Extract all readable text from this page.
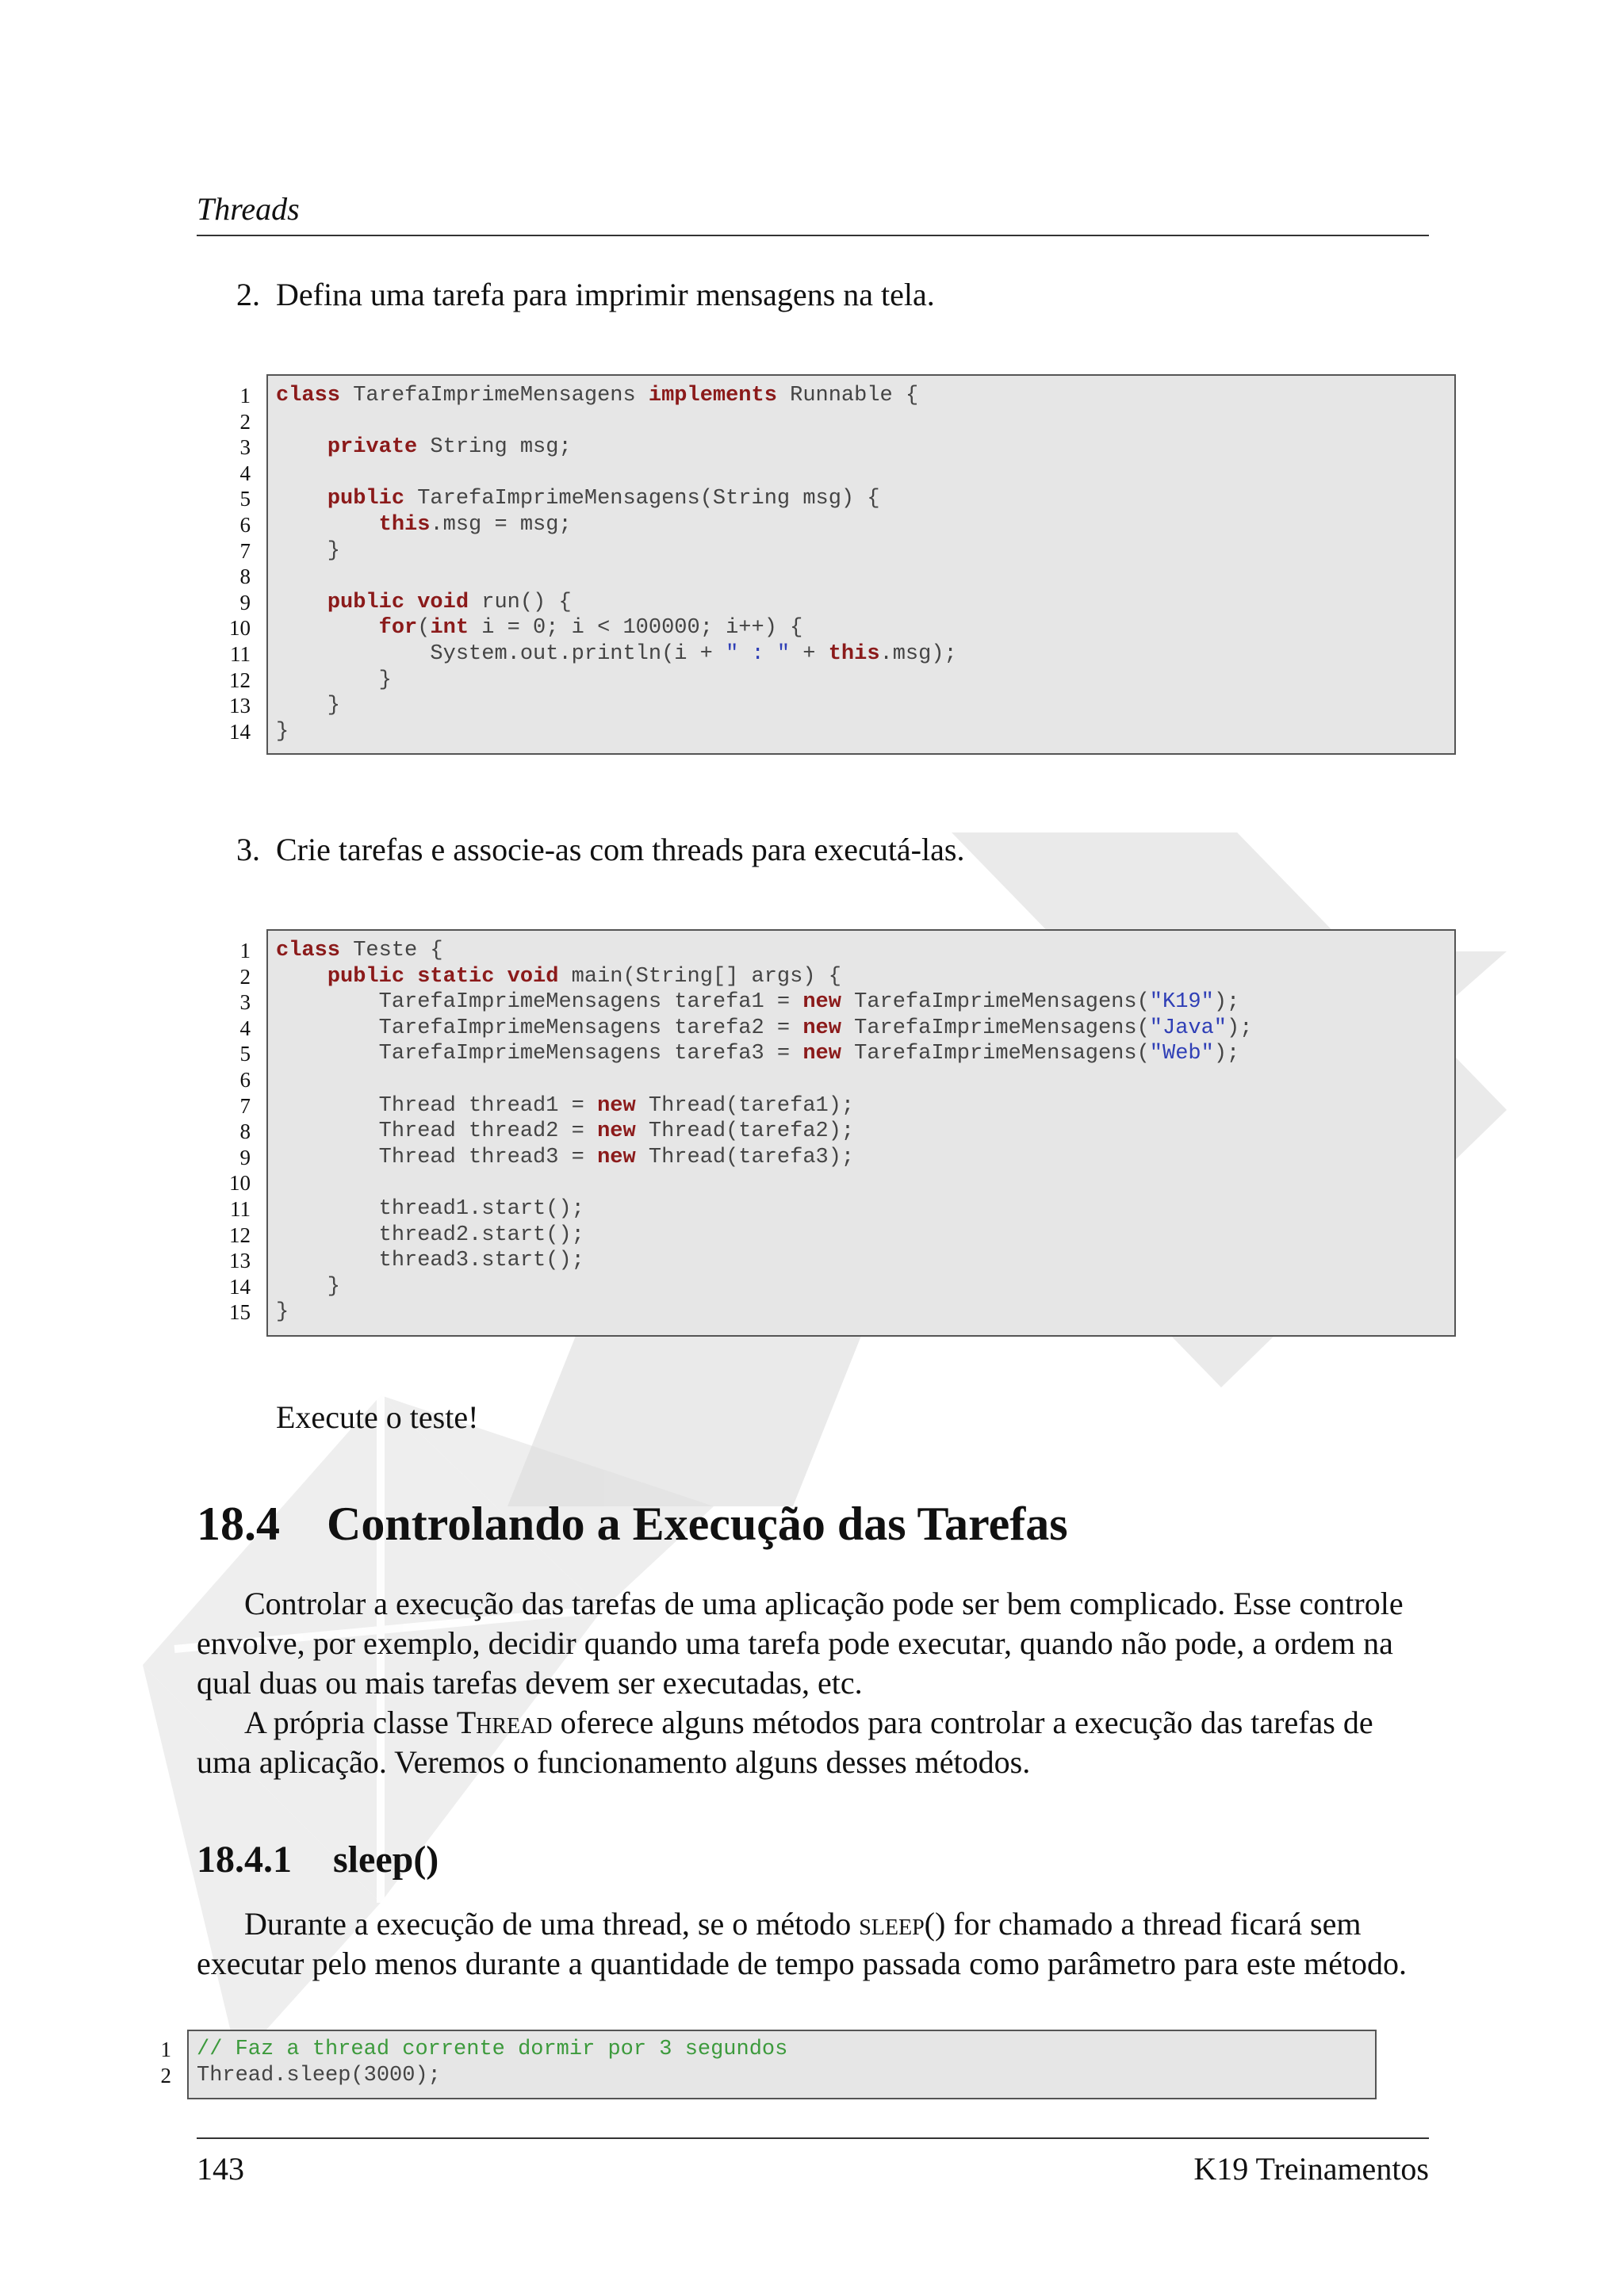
Threads
2. Defina uma tarefa para imprimir mensagens na tela.
1
2
3
4
5
6
7
8
9
10
11
12
13
14
class TarefaImprimeMensagens implements Runnable {

private String msg;

public TarefaImprimeMensagens(String msg) {
this.msg = msg;
}

public void run() {
for(int i = 0; i < 100000; i++) {
System.out.println(i + " : " + this.msg);
}
}
}
3. Crie tarefas e associe-as com threads para executá-las.
1
2
3
4
5
6
7
8
9
10
11
12
13
14
15
class Teste {
public static void main(String[] args) {
TarefaImprimeMensagens tarefa1 = new TarefaImprimeMensagens("K19");
TarefaImprimeMensagens tarefa2 = new TarefaImprimeMensagens("Java");
TarefaImprimeMensagens tarefa3 = new TarefaImprimeMensagens("Web");

Thread thread1 = new Thread(tarefa1);
Thread thread2 = new Thread(tarefa2);
Thread thread3 = new Thread(tarefa3);

thread1.start();
thread2.start();
thread3.start();
}
}
Execute o teste!
18.4 Controlando a Execução das Tarefas
Controlar a execução das tarefas de uma aplicação pode ser bem complicado. Esse controle
envolve, por exemplo, decidir quando uma tarefa pode executar, quando não pode, a ordem na
qual duas ou mais tarefas devem ser executadas, etc.
A própria classe Thread oferece alguns métodos para controlar a execução das tarefas de
uma aplicação. Veremos o funcionamento alguns desses métodos.
18.4.1 sleep()
Durante a execução de uma thread, se o método sleep() for chamado a thread ficará sem
executar pelo menos durante a quantidade de tempo passada como parâmetro para este método.
1
2
// Faz a thread corrente dormir por 3 segundos
Thread.sleep(3000);
143	K19 Treinamentos
